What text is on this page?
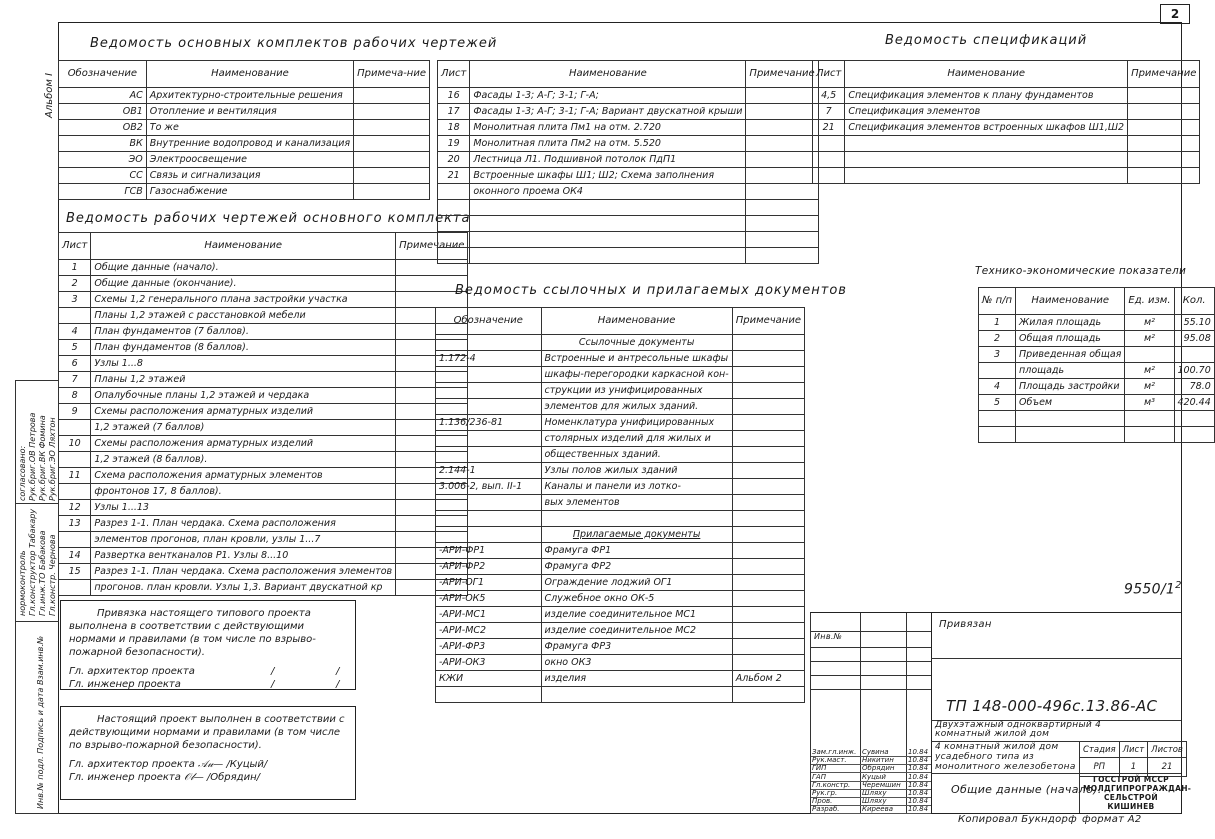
2
Альбом I
согласовано: Рук.бриг.ОВ Петрова Рук.бриг.ВК Фомина Рук.бриг.ЭО Ляхтон
нормоконтроль Гл.конструктор Табакару Гл.инж.ТО Бабакова Гл.констр. Чернова
Инв.№ подл. Подпись и дата Взам.инв.№
Ведомость основных комплектов рабочих чертежей
Обозначение	Наименование	Примеча-ние
АС	Архитектурно-строительные решения	
ОВ1	Отопление и вентиляция	
ОВ2	То же	
ВК	Внутренние водопровод и канализация	
ЭО	Электроосвещение	
СС	Связь и сигнализация	
ГСВ	Газоснабжение	
Ведомость рабочих чертежей основного комплекта
Лист	Наименование	Примечание
1	Общие данные (начало).	
2	Общие данные (окончание).	
3	Схемы 1,2 генерального плана застройки участка	
	Планы 1,2 этажей с расстановкой мебели	
4	План фундаментов (7 баллов).	
5	План фундаментов (8 баллов).	
6	Узлы 1...8	
7	Планы 1,2 этажей	
8	Опалубочные планы 1,2 этажей и чердака	
9	Схемы расположения арматурных изделий	
	1,2 этажей (7 баллов)	
10	Схемы расположения арматурных изделий	
	1,2 этажей (8 баллов).	
11	Схема расположения арматурных элементов	
	фронтонов 17, 8 баллов).	
12	Узлы 1...13	
13	Разрез 1-1. План чердака. Схема расположения	
	элементов прогонов, план кровли, узлы 1...7	
14	Развертка вентканалов Р1. Узлы 8...10	
15	Разрез 1-1. План чердака. Схема расположения элементов	
	прогонов. план кровли. Узлы 1,3. Вариант двускатной кр	
Лист	Наименование	Примечание
16	Фасады 1-3; А-Г; 3-1; Г-А;	
17	Фасады 1-3; А-Г; 3-1; Г-А; Вариант двускатной крыши	
18	Монолитная плита Пм1 на отм. 2.720	
19	Монолитная плита Пм2 на отм. 5.520	
20	Лестница Л1. Подшивной потолок ПдП1	
21	Встроенные шкафы Ш1; Ш2; Схема заполнения	
	оконного проема ОК4	

Ведомость ссылочных и прилагаемых документов
Обозначение	Наименование	Примечание
	Ссылочные документы	
1.172-4	Встроенные и антресольные шкафы	
	шкафы-перегородки каркасной кон-	
	струкции из унифицированных	
	элементов для жилых зданий.	
1.136/236-81	Номенклатура унифицированных	
	столярных изделий для жилых и	
	общественных зданий.	
2.144-1	Узлы полов жилых зданий	
3.006-2, вып. II-1	Каналы и панели из лотко-	
	вых элементов	

	Прилагаемые документы	
-АРИ-ФР1	Фрамуга ФР1	
-АРИ-ФР2	Фрамуга ФР2	
-АРИ-ОГ1	Ограждение лоджий ОГ1	
-АРИ-ОК5	Служебное окно ОК-5	
-АРИ-МС1	изделие соединительное МС1	
-АРИ-МС2	изделие соединительное МС2	
-АРИ-ФР3	Фрамуга ФР3	
-АРИ-ОК3	окно ОК3	
КЖИ	изделия	Альбом 2

Ведомость спецификаций
Лист	Наименование	Примечание
4,5	Спецификация элементов к плану фундаментов	
7	Спецификация элементов	
21	Спецификация элементов встроенных шкафов Ш1,Ш2	

Технико-экономические показатели
№ п/п	Наименование	Ед. изм.	Кол.
1	Жилая площадь	м²	55.10
2	Общая площадь	м²	95.08
3	Приведенная общая		
	площадь	м²	100.70
4	Площадь застройки	м²	78.0
5	Объем	м³	420.44

Привязка настоящего типового проекта выполнена в соответствии с действующими нормами и правилами (в том числе по взрыво-пожарной безопасности).

Гл. архитектор проекта	/	/

Гл. инженер проекта	/	/

Настоящий проект выполнен в соответствии с действующими нормами и правилами (в том числе по взрыво-пожарной безопасности).

Гл. архитектор проекта 𝒜𝓊— /Куцый/

Гл. инженер проекта 𝒪𝓁— /Обрядин/

$9550/1^2$
Привязан
Инв.№
ТП 148-000-496с.13.86-АС
Двухэтажный одноквартирный 4 комнатный жилой дом
4 комнатный жилой дом усадебного типа из монолитного железобетона
Стадия	Лист	Листов
РП	1	21
Общие данные (начало).
ГОССТРОЙ МССР МОЛДГИПРОГРАЖДАН-СЕЛЬСТРОЙ КИШИНЕВ
Зам.гл.инж. Сувина	10.84
Рук.маст. Никитин 10.84
ГИП	Обрядин 10.84
ГАП	Куцый	10.84
Гл.констр. Черемшин 10.84
Рук.гр.	Шляху	10.84
Пров.	Шляху	10.84
Разраб.	Киреева 10.84
Копировал Букндорф формат А2
